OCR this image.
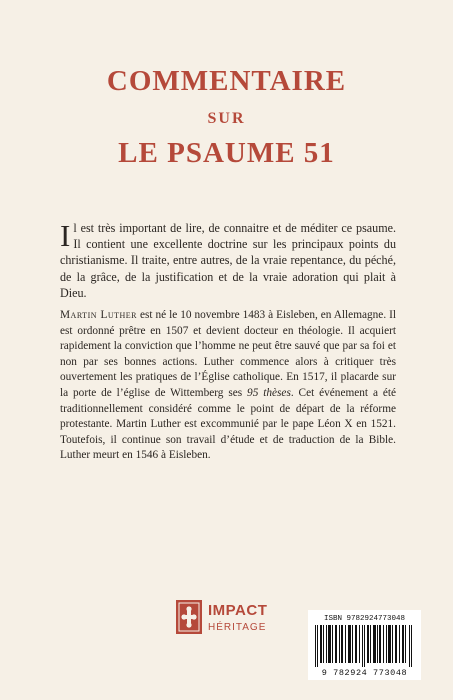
COMMENTAIRE
SUR
LE PSAUME 51
Il est très important de lire, de connaitre et de méditer ce psaume. Il contient une excellente doctrine sur les principaux points du christianisme. Il traite, entre autres, de la vraie repentance, du péché, de la grâce, de la justification et de la vraie adoration qui plait à Dieu.
Martin Luther est né le 10 novembre 1483 à Eisleben, en Allemagne. Il est ordonné prêtre en 1507 et devient docteur en théologie. Il acquiert rapidement la conviction que l’homme ne peut être sauvé que par sa foi et non par ses bonnes actions. Luther commence alors à critiquer très ouvertement les pratiques de l’Église catholique. En 1517, il placarde sur la porte de l’église de Wittemberg ses 95 thèses. Cet événement a été traditionnellement considéré comme le point de départ de la réforme protestante. Martin Luther est excommunié par le pape Léon X en 1521. Toutefois, il continue son travail d’étude et de traduction de la Bible. Luther meurt en 1546 à Eisleben.
IMPACT
HÉRITAGE
ISBN 9782924773048
9 782924 773048
